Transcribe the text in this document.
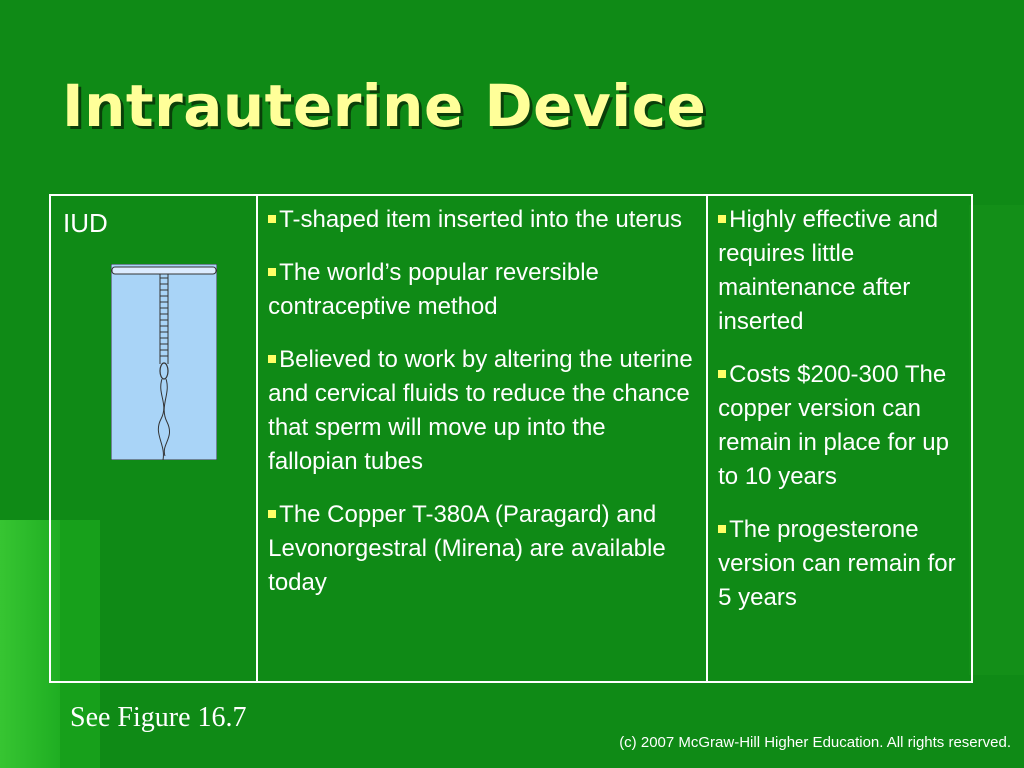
Intrauterine Device
IUD	T-shaped item inserted into the uterus
The world’s popular reversible contraceptive method
Believed to work by altering the uterine and cervical fluids to reduce the chance that sperm will move up into the fallopian tubes
The Copper T-380A (Paragard) and Levonorgestral (Mirena) are available today
Highly effective and requires little maintenance after inserted
Costs $200-300 The copper version can remain in place for up to 10 years
The progesterone version can remain for 5 years

See Figure 16.7

(c) 2007 McGraw-Hill Higher Education. All rights reserved.
